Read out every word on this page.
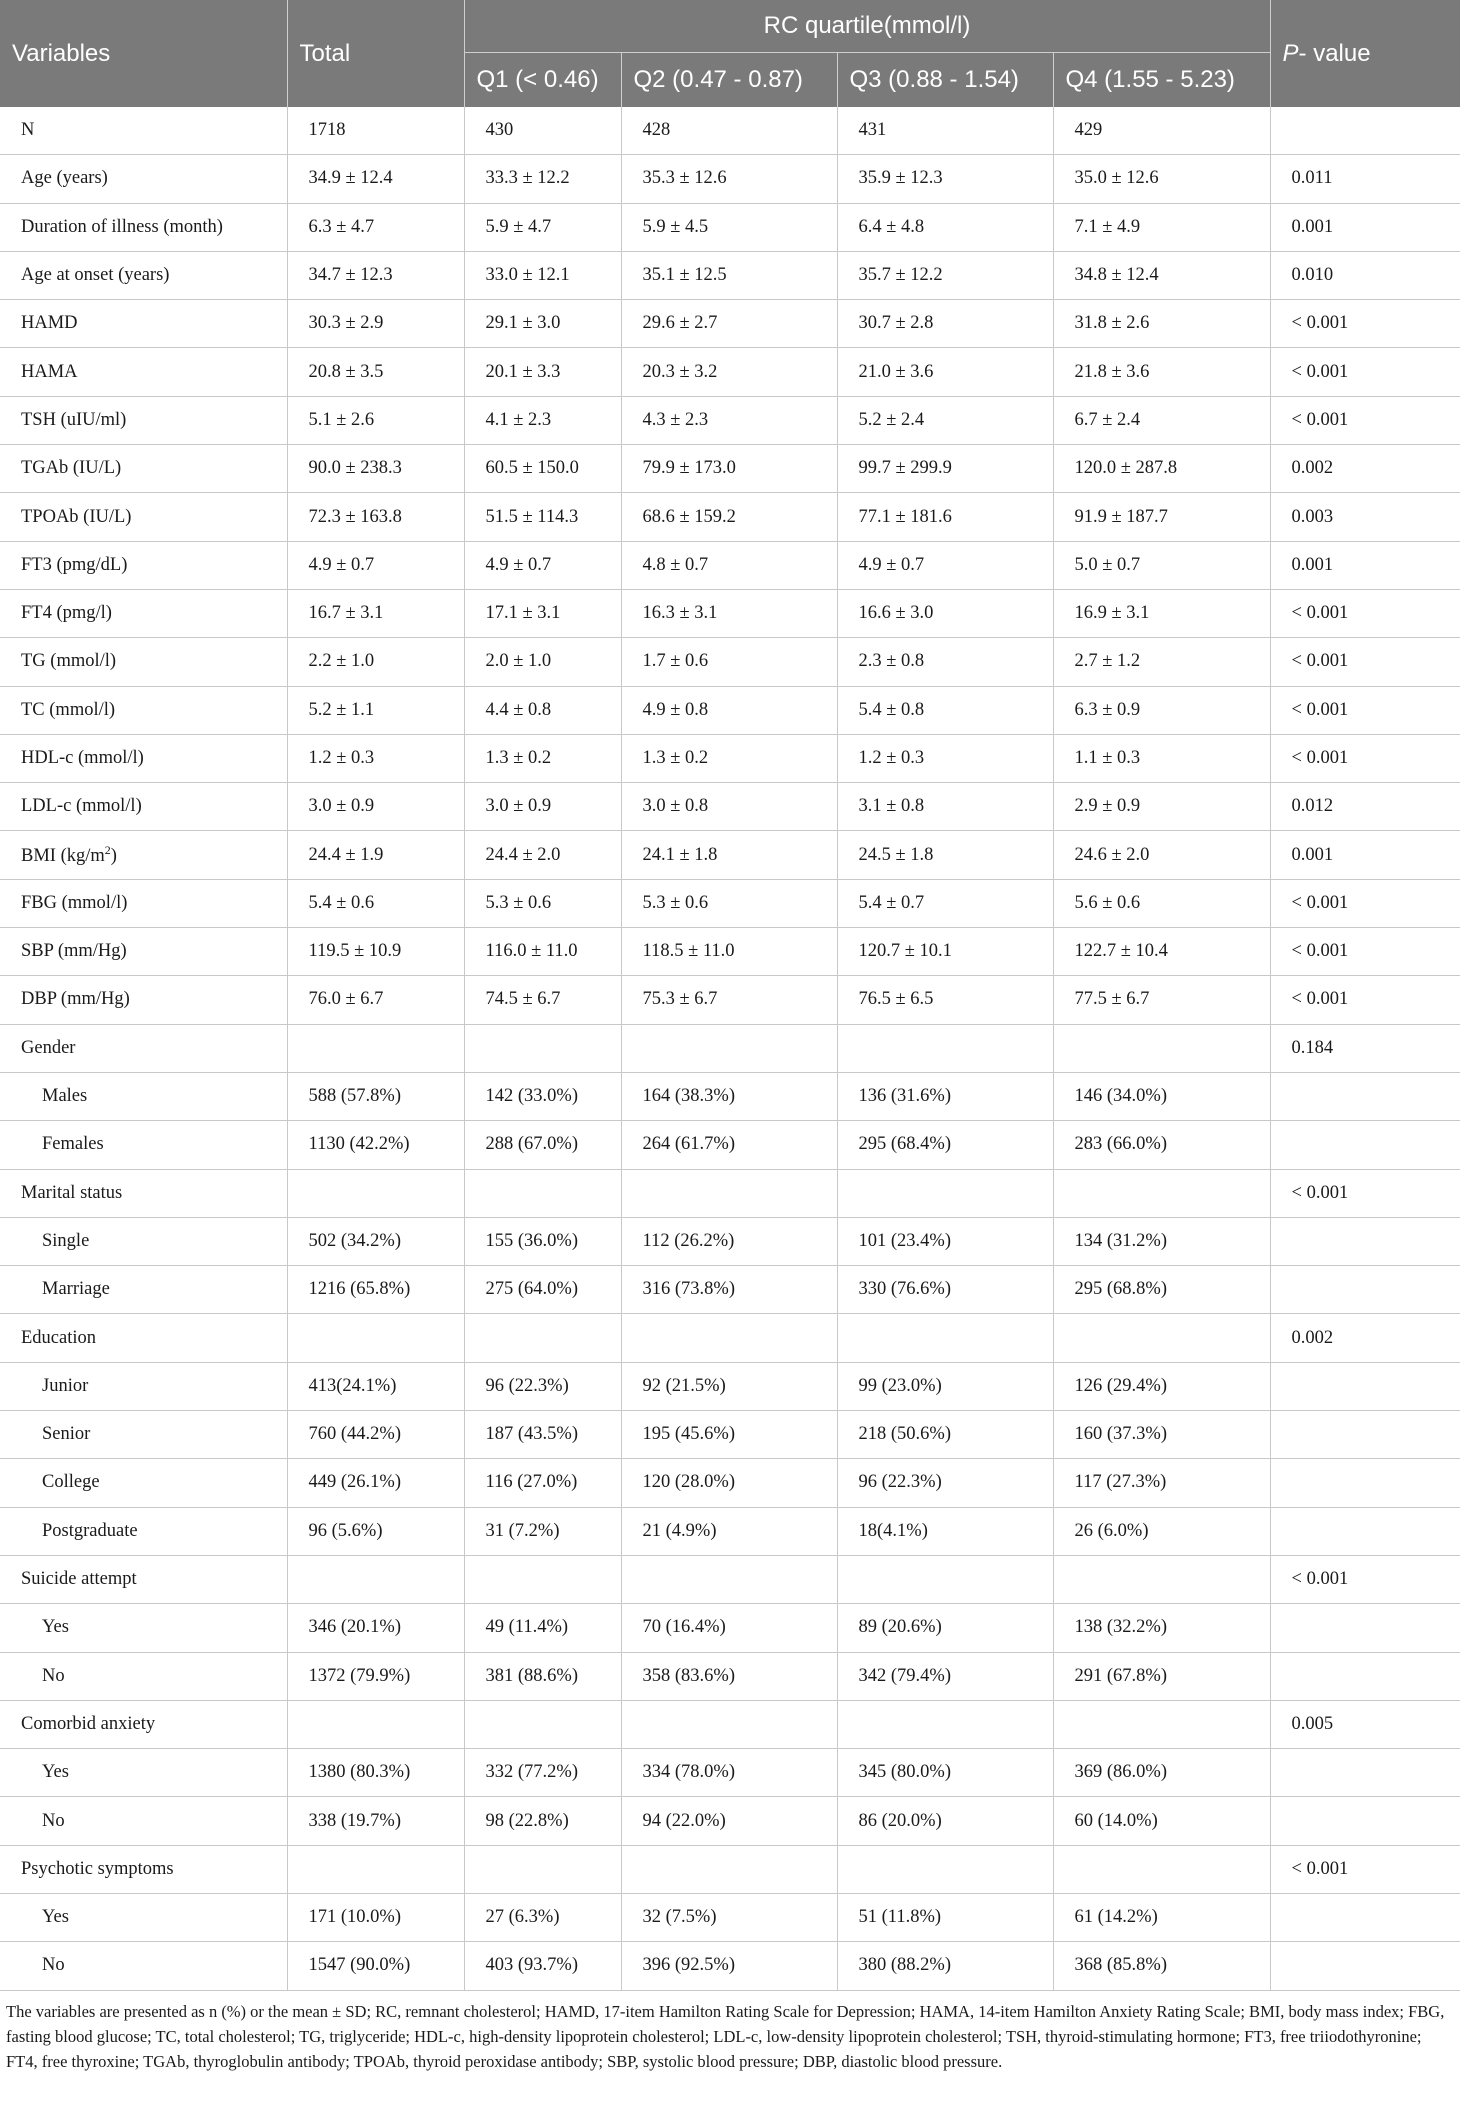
Variables	Total	RC quartile(mmol/l)				P- value
		Q1 (< 0.46)	Q2 (0.47 - 0.87)	Q3 (0.88 - 1.54)	Q4 (1.55 - 5.23)	
N	1718	430	428	431	429	
Age (years)	34.9 ± 12.4	33.3 ± 12.2	35.3 ± 12.6	35.9 ± 12.3	35.0 ± 12.6	0.011
Duration of illness (month)	6.3 ± 4.7	5.9 ± 4.7	5.9 ± 4.5	6.4 ± 4.8	7.1 ± 4.9	0.001
Age at onset (years)	34.7 ± 12.3	33.0 ± 12.1	35.1 ± 12.5	35.7 ± 12.2	34.8 ± 12.4	0.010
HAMD	30.3 ± 2.9	29.1 ± 3.0	29.6 ± 2.7	30.7 ± 2.8	31.8 ± 2.6	< 0.001
HAMA	20.8 ± 3.5	20.1 ± 3.3	20.3 ± 3.2	21.0 ± 3.6	21.8 ± 3.6	< 0.001
TSH (uIU/ml)	5.1 ± 2.6	4.1 ± 2.3	4.3 ± 2.3	5.2 ± 2.4	6.7 ± 2.4	< 0.001
TGAb (IU/L)	90.0 ± 238.3	60.5 ± 150.0	79.9 ± 173.0	99.7 ± 299.9	120.0 ± 287.8	0.002
TPOAb (IU/L)	72.3 ± 163.8	51.5 ± 114.3	68.6 ± 159.2	77.1 ± 181.6	91.9 ± 187.7	0.003
FT3 (pmg/dL)	4.9 ± 0.7	4.9 ± 0.7	4.8 ± 0.7	4.9 ± 0.7	5.0 ± 0.7	0.001
FT4 (pmg/l)	16.7 ± 3.1	17.1 ± 3.1	16.3 ± 3.1	16.6 ± 3.0	16.9 ± 3.1	< 0.001
TG (mmol/l)	2.2 ± 1.0	2.0 ± 1.0	1.7 ± 0.6	2.3 ± 0.8	2.7 ± 1.2	< 0.001
TC (mmol/l)	5.2 ± 1.1	4.4 ± 0.8	4.9 ± 0.8	5.4 ± 0.8	6.3 ± 0.9	< 0.001
HDL-c (mmol/l)	1.2 ± 0.3	1.3 ± 0.2	1.3 ± 0.2	1.2 ± 0.3	1.1 ± 0.3	< 0.001
LDL-c (mmol/l)	3.0 ± 0.9	3.0 ± 0.9	3.0 ± 0.8	3.1 ± 0.8	2.9 ± 0.9	0.012
BMI $(kg/m^2)$	24.4 ± 1.9	24.4 ± 2.0	24.1 ± 1.8	24.5 ± 1.8	24.6 ± 2.0	0.001
FBG (mmol/l)	5.4 ± 0.6	5.3 ± 0.6	5.3 ± 0.6	5.4 ± 0.7	5.6 ± 0.6	< 0.001
SBP (mm/Hg)	119.5 ± 10.9	116.0 ± 11.0	118.5 ± 11.0	120.7 ± 10.1	122.7 ± 10.4	< 0.001
DBP (mm/Hg)	76.0 ± 6.7	74.5 ± 6.7	75.3 ± 6.7	76.5 ± 6.5	77.5 ± 6.7	< 0.001
Gender						0.184
Males	588 (57.8%)	142 (33.0%)	164 (38.3%)	136 (31.6%)	146 (34.0%)	
Females	1130 (42.2%)	288 (67.0%)	264 (61.7%)	295 (68.4%)	283 (66.0%)	
Marital status						< 0.001
Single	502 (34.2%)	155 (36.0%)	112 (26.2%)	101 (23.4%)	134 (31.2%)	
Marriage	1216 (65.8%)	275 (64.0%)	316 (73.8%)	330 (76.6%)	295 (68.8%)	
Education						0.002
Junior	413(24.1%)	96 (22.3%)	92 (21.5%)	99 (23.0%)	126 (29.4%)	
Senior	760 (44.2%)	187 (43.5%)	195 (45.6%)	218 (50.6%)	160 (37.3%)	
College	449 (26.1%)	116 (27.0%)	120 (28.0%)	96 (22.3%)	117 (27.3%)	
Postgraduate	96 (5.6%)	31 (7.2%)	21 (4.9%)	18(4.1%)	26 (6.0%)	
Suicide attempt						< 0.001
Yes	346 (20.1%)	49 (11.4%)	70 (16.4%)	89 (20.6%)	138 (32.2%)	
No	1372 (79.9%)	381 (88.6%)	358 (83.6%)	342 (79.4%)	291 (67.8%)	
Comorbid anxiety						0.005
Yes	1380 (80.3%)	332 (77.2%)	334 (78.0%)	345 (80.0%)	369 (86.0%)	
No	338 (19.7%)	98 (22.8%)	94 (22.0%)	86 (20.0%)	60 (14.0%)	
Psychotic symptoms						< 0.001
Yes	171 (10.0%)	27 (6.3%)	32 (7.5%)	51 (11.8%)	61 (14.2%)	
No	1547 (90.0%)	403 (93.7%)	396 (92.5%)	380 (88.2%)	368 (85.8%)	
The variables are presented as n (%) or the mean ± SD; RC, remnant cholesterol; HAMD, 17-item Hamilton Rating Scale for Depression; HAMA, 14-item Hamilton Anxiety Rating Scale; BMI, body mass index; FBG, fasting blood glucose; TC, total cholesterol; TG, triglyceride; HDL-c, high-density lipoprotein cholesterol; LDL-c, low-density lipoprotein cholesterol; TSH, thyroid-stimulating hormone; FT3, free triiodothyronine; FT4, free thyroxine; TGAb, thyroglobulin antibody; TPOAb, thyroid peroxidase antibody; SBP, systolic blood pressure; DBP, diastolic blood pressure.
